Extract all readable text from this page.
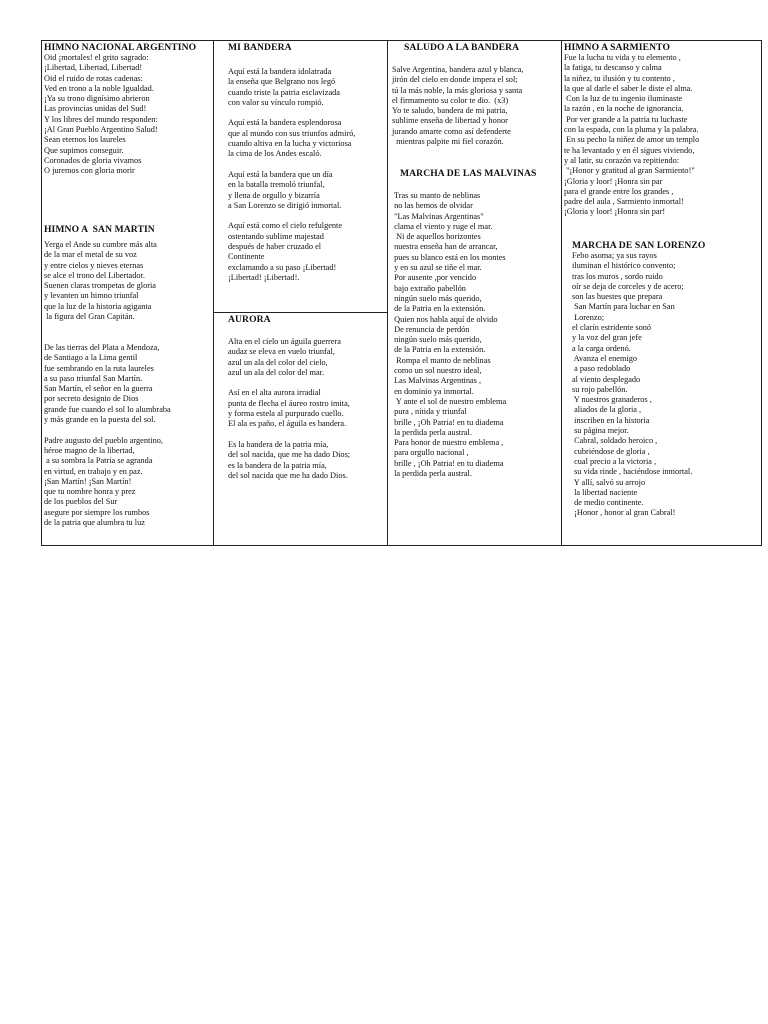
HIMNO NACIONAL ARGENTINO
Oid ¡mortales! el grito sagrado:
¡Libertad, Libertad, Libertad!
Oid el ruido de rotas cadenas:
Ved en trono a la noble Igualdad.
¡Ya su trono dignísimo abrieron
Las provincias unidas del Sud!
Y los libres del mundo responden:
¡Al Gran Pueblo Argentino Salud!
Sean eternos los laureles
Que supimos conseguir.
Coronados de gloria vivamos
O juremos con gloria morir
HIMNO A  SAN MARTIN
Yerga el Ande su cumbre más alta
de la mar el metal de su voz
y entre cielos y nieves eternas
se alce el trono del Libertador.
Suenen claras trompetas de gloria
y levanten un himno triunfal
que la luz de la historia agiganta
la figura del Gran Capitán.

De las tierras del Plata a Mendoza,
de Santiago a la Lima gentil
fue sembrando en la ruta laureles
a su paso triunfal San Martín.
San Martín, el señor en la guerra
por secreto designio de Dios
grande fue cuando el sol lo alumbraba
y más grande en la puesta del sol.

Padre augusto del pueblo argentino,
héroe magno de la libertad,
a su sombra la Patria se agranda
en virtud, en trabajo y en paz.
¡San Martín! ¡San Martín!
que tu nombre honra y prez
de los pueblos del Sur
asegure por siempre los rumbos
de la patria que alumbra tu luz
MI BANDERA
Aquí está la bandera idolatrada
la enseña que Belgrano nos legó
cuando triste la patria esclavizada
con valor su vínculo rompió.

Aquí está la bandera esplendorosa
que al mundo con sus triunfos admiró,
cuando altiva en la lucha y victoriosa
la cima de los Andes escaló.

Aquí está la bandera que un día
en la batalla tremoló triunfal,
y llena de orgullo y bizarría
a San Lorenzo se dirigió inmortal.

Aquí está como el cielo refulgente
ostentando sublime majestad
después de haber cruzado el
Continente
exclamando a su paso ¡Libertad!
¡Libertad! ¡Libertad!.
AURORA
Alta en el cielo un águila guerrera
audaz se eleva en vuelo triunfal,
azul un ala del color del cielo,
azul un ala del color del mar.

Así en el alta aurora irradial
punta de flecha el áureo rostro imita,
y forma estela al purpurado cuello.
El ala es paño, el águila es bandera.

Es la bandera de la patria mía,
del sol nacida, que me ha dado Dios;
es la bandera de la patria mía,
del sol nacida que me ha dado Dios.
SALUDO A LA BANDERA
Salve Argentina, bandera azul y blanca,
jirón del cielo en donde impera el sol;
tú la más noble, la más gloriosa y santa
el firmamento su color te dio.  (x3)
Yo te saludo, bandera de mi patria,
sublime enseña de libertad y honor
jurando amarte como así defenderte
mientras palpite mi fiel corazón.
MARCHA DE LAS MALVINAS
Tras su manto de neblinas
no las hemos de olvidar
"Las Malvinas Argentinas"
clama el viento y ruge el mar.
Ni de aquellos horizontes
nuestra enseña han de arrancar,
pues su blanco está en los montes
y en su azul se tiñe el mar.
Por ausente ,por vencido
bajo extraño pabellón
ningún suelo más querido,
de la Patria en la extensión.
Quien nos habla aquí de olvido
De renuncia de perdón
ningún suelo más querido,
de la Patria en la extensión.
Rompa el manto de neblinas
como un sol nuestro ideal,
Las Malvinas Argentinas ,
en dominio ya inmortal.
Y ante el sol de nuestro emblema
pura , nítida y triunfal
brille , ¡Oh Patria! en tu diadema
la perdida perla austral.
Para honor de nuestro emblema ,
para orgullo nacional ,
brille , ¡Oh Patria! en tu diadema
la perdida perla austral.
HIMNO A SARMIENTO
Fue la lucha tu vida y tu elemento ,
la fatiga, tu descanso y calma
la niñez, tu ilusión y tu contento ,
la que al darle el saber le diste el alma.
Con la luz de tu ingenio iluminaste
la razón , en la noche de ignorancia.
Por ver grande a la patria tu luchaste
con la espada, con la pluma y la palabra.
En su pecho la niñez de amor un templo
te ha levantado y en él sigues viviendo,
y al latir, su corazón va repitiendo:
"¡Honor y gratitud al gran Sarmiento!"
¡Gloria y loor! ¡Honra sin par
para el grande entre los grandes ,
padre del aula , Sarmiento inmortal!
¡Gloria y loor! ¡Honra sin par!
MARCHA DE SAN LORENZO
Febo asoma; ya sus rayos
iluminan el histórico convento;
tras los muros , sordo ruido
oír se deja de corceles y de acero;
son las huestes que prepara
San Martín para luchar en San
Lorenzo;
el clarín estridente sonó
y la voz del gran jefe
a la carga ordenó.
Avanza el enemigo
a paso redoblado
al viento desplegado
su rojo pabellón.
Y nuestros granaderos ,
aliados de la gloria ,
inscriben en la historia
su página mejor.
Cabral, soldado heroico ,
cubriéndose de gloria ,
cual precio a la victoria ,
su vida rinde , haciéndose inmortal.
Y allí, salvó su arrojo
la libertad naciente
de medio continente.
¡Honor , honor al gran Cabral!
